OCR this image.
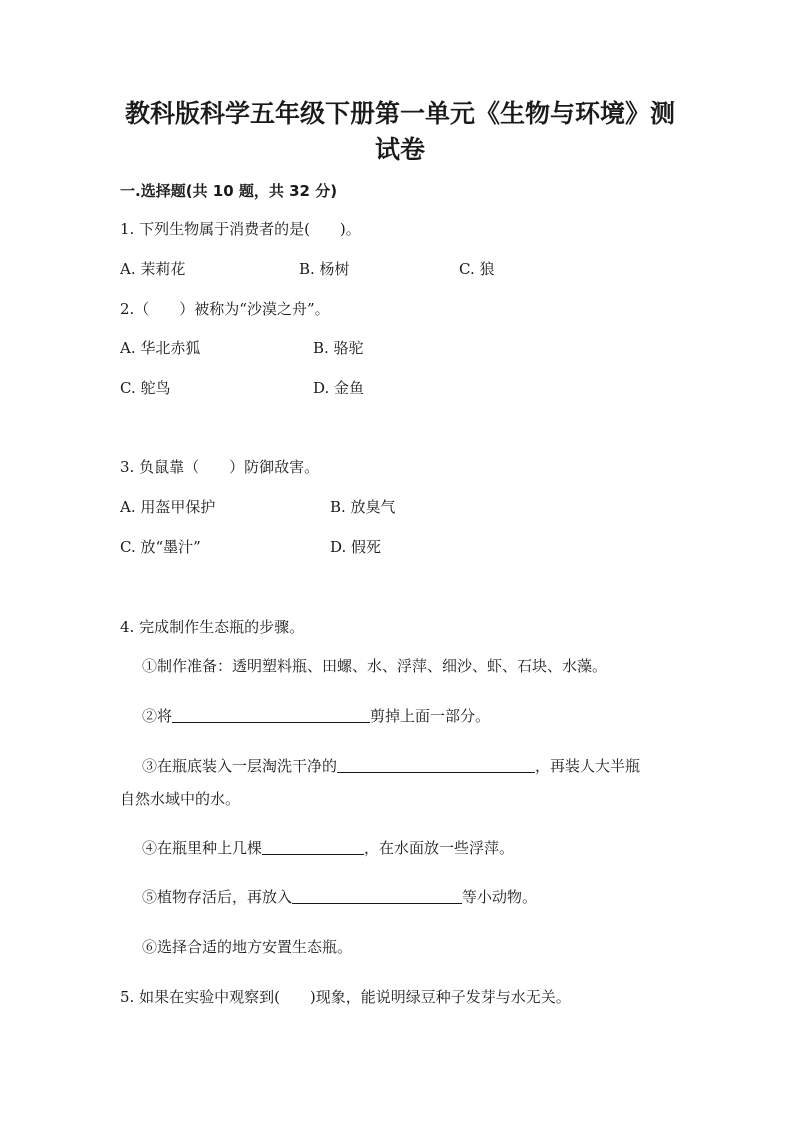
教科版科学五年级下册第一单元《生物与环境》测
试卷
一.选择题(共 10 题，共 32 分)
1. 下列生物属于消费者的是(　　)。
A. 茉莉花	B. 杨树	C. 狼
2.（　　）被称为“沙漠之舟”。
A. 华北赤狐	B. 骆驼
C. 鸵鸟	D. 金鱼
3. 负鼠靠（　　）防御敌害。
A. 用盔甲保护	B. 放臭气
C. 放“墨汁”	D. 假死
4. 完成制作生态瓶的步骤。
①制作准备：透明塑料瓶、田螺、水、浮萍、细沙、虾、石块、水藻。
②将	剪掉上面一部分。
③在瓶底装入一层淘洗干净的	，再装人大半瓶
自然水域中的水。
④在瓶里种上几棵	，在水面放一些浮萍。
⑤植物存活后，再放入	等小动物。
⑥选择合适的地方安置生态瓶。
5. 如果在实验中观察到(　　)现象，能说明绿豆种子发芽与水无关。
